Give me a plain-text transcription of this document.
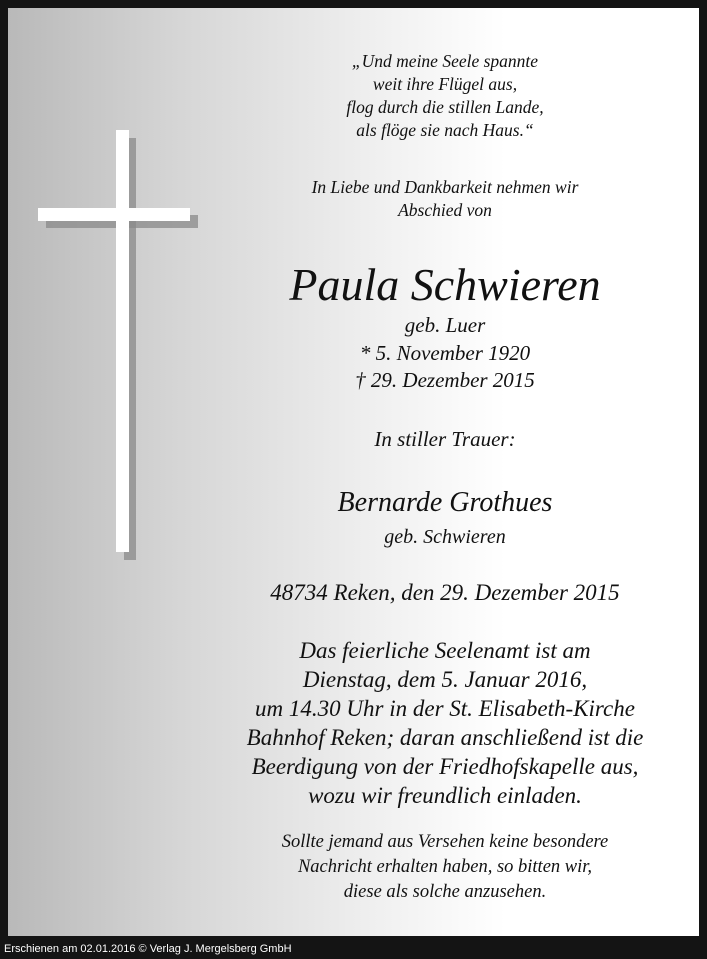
„Und meine Seele spannte
weit ihre Flügel aus,
flog durch die stillen Lande,
als flöge sie nach Haus.“
In Liebe und Dankbarkeit nehmen wir
Abschied von
Paula Schwieren
geb. Luer
* 5. November 1920
† 29. Dezember 2015
In stiller Trauer:
Bernarde Grothues
geb. Schwieren
48734 Reken, den 29. Dezember 2015
Das feierliche Seelenamt ist am
Dienstag, dem 5. Januar 2016,
um 14.30 Uhr in der St. Elisabeth-Kirche
Bahnhof Reken; daran anschließend ist die
Beerdigung von der Friedhofskapelle aus,
wozu wir freundlich einladen.
Sollte jemand aus Versehen keine besondere
Nachricht erhalten haben, so bitten wir,
diese als solche anzusehen.
Erschienen am 02.01.2016 © Verlag J. Mergelsberg GmbH
